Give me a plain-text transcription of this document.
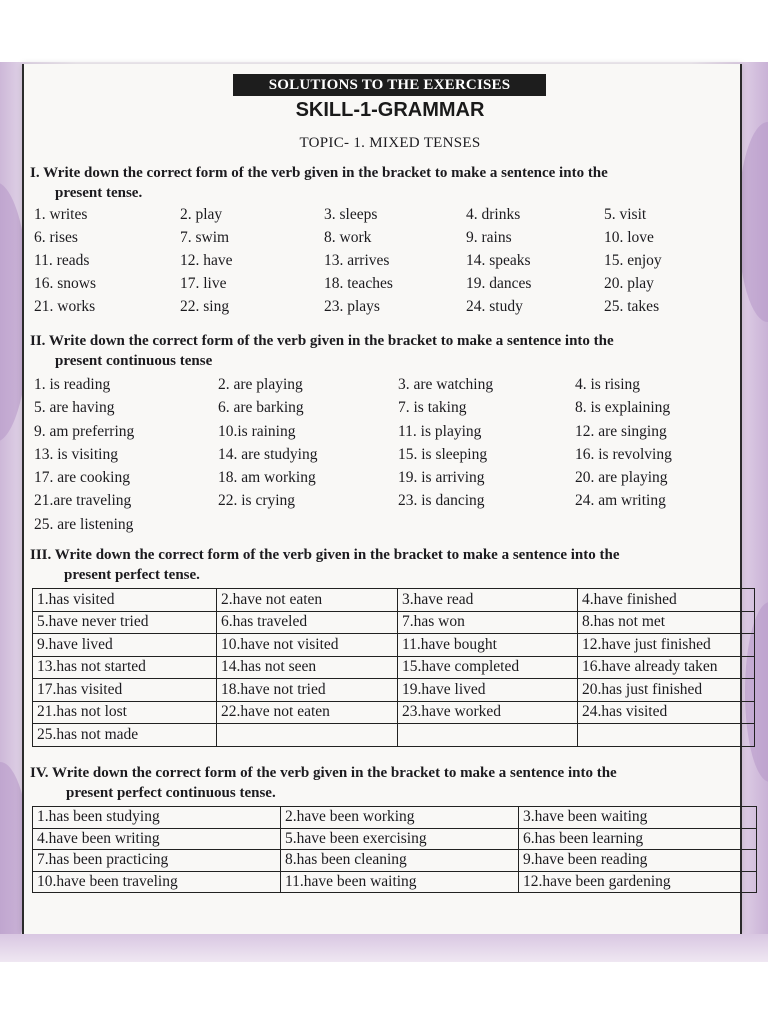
SOLUTIONS TO THE EXERCISES
SKILL-1-GRAMMAR
TOPIC- 1. MIXED TENSES
I. Write down the correct form of the verb given in the bracket to make a sentence into the
present tense.
1. writes	2. play	3. sleeps	4. drinks	5. visit
6. rises	7. swim	8. work	9. rains	10. love
11. reads	12. have	13. arrives	14. speaks	15. enjoy
16. snows	17. live	18. teaches	19. dances	20. play
21. works	22. sing	23. plays	24. study	25. takes
II. Write down the correct form of the verb given in the bracket to make a sentence into the
present continuous tense
1. is reading	2. are playing	3. are watching	4. is rising
5. are having	6. are barking	7. is taking	8. is explaining
9. am preferring	10.is raining	11. is playing	12. are singing
13. is visiting	14. are studying	15. is sleeping	16. is revolving
17. are cooking	18. am working	19. is arriving	20. are playing
21.are traveling	22. is crying	23. is dancing	24. am writing
25. are listening
III. Write down the correct form of the verb given in the bracket to make a sentence into the
present perfect tense.
1.has visited	2.have not eaten	3.have read	4.have finished
5.have never tried	6.has traveled	7.has won	8.has not met
9.have lived	10.have not visited	11.have bought	12.have just finished
13.has not started	14.has not seen	15.have completed	16.have already taken
17.has visited	18.have not tried	19.have lived	20.has just finished
21.has not lost	22.have not eaten	23.have worked	24.has visited
25.has not made			
IV. Write down the correct form of the verb given in the bracket to make a sentence into the
present perfect continuous tense.
1.has been studying	2.have been working	3.have been waiting
4.have been writing	5.have been exercising	6.has been learning
7.has been practicing	8.has been cleaning	9.have been reading
10.have been traveling	11.have been waiting	12.have been gardening
